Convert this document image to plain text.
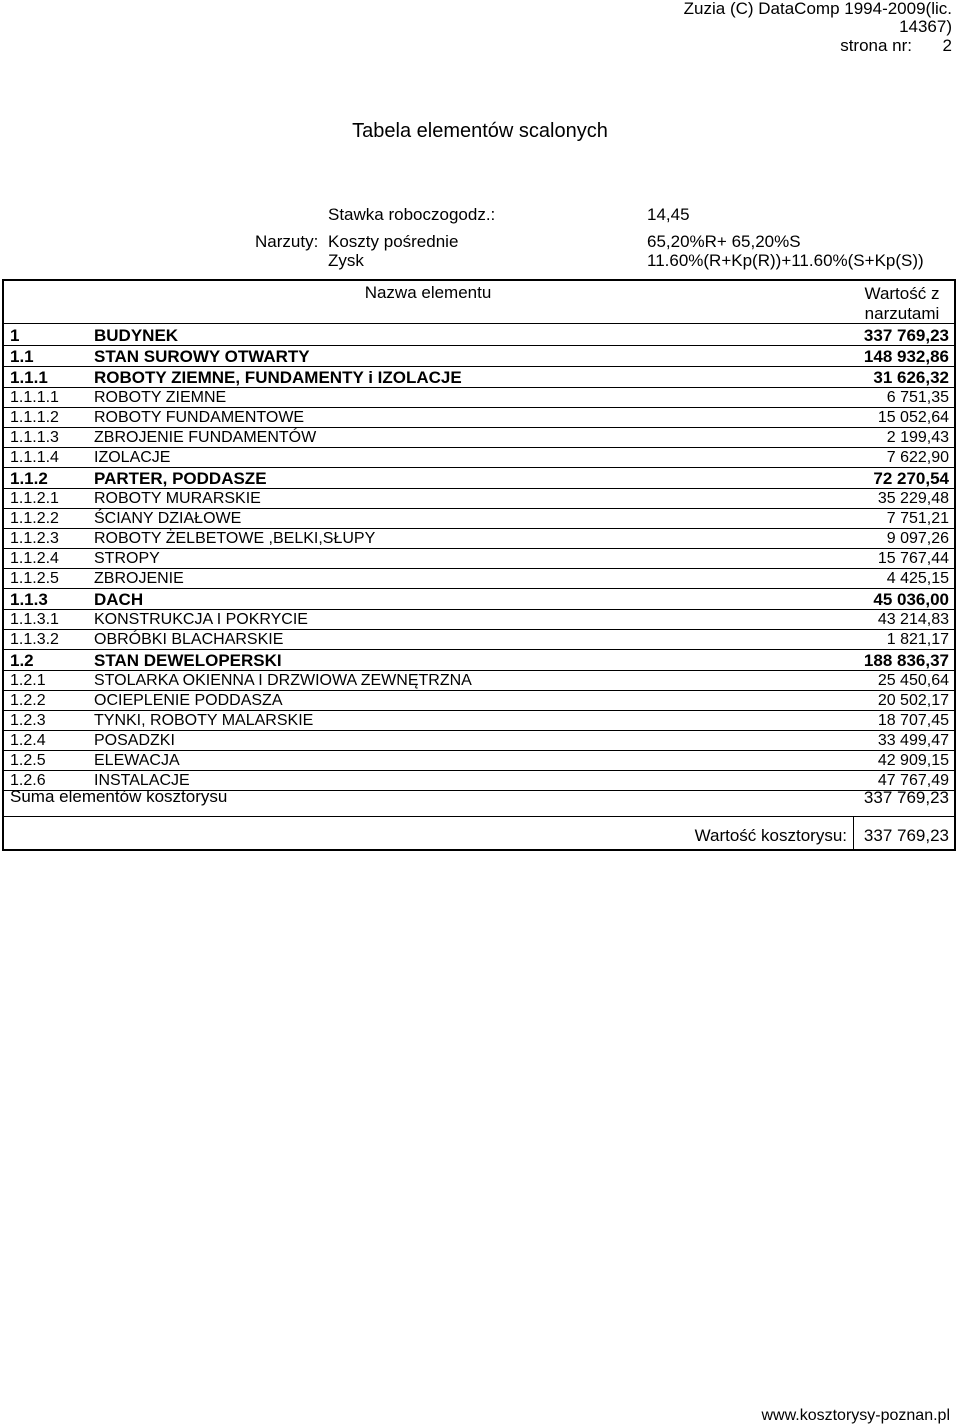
Zuzia (C) DataComp 1994-2009(lic.
14367)
strona nr: 2
Tabela elementów scalonych
Stawka roboczogodz.:	14,45
Narzuty: Koszty pośrednie	65,20%R+ 65,20%S
Zysk	11.60%(R+Kp(R))+11.60%(S+Kp(S))
Nazwa elementu	Wartość z
narzutami
1	BUDYNEK	337 769,23
1.1	STAN SUROWY OTWARTY	148 932,86
1.1.1	ROBOTY ZIEMNE, FUNDAMENTY i IZOLACJE	31 626,32
1.1.1.1 ROBOTY ZIEMNE	6 751,35
1.1.1.2 ROBOTY FUNDAMENTOWE	15 052,64
1.1.1.3 ZBROJENIE FUNDAMENTÓW	2 199,43
1.1.1.4 IZOLACJE	7 622,90
1.1.2	PARTER, PODDASZE	72 270,54
1.1.2.1 ROBOTY MURARSKIE	35 229,48
1.1.2.2 ŚCIANY DZIAŁOWE	7 751,21
1.1.2.3 ROBOTY ŻELBETOWE ,BELKI,SŁUPY	9 097,26
1.1.2.4 STROPY	15 767,44
1.1.2.5 ZBROJENIE	4 425,15
1.1.3	DACH	45 036,00
1.1.3.1 KONSTRUKCJA I POKRYCIE	43 214,83
1.1.3.2 OBRÓBKI BLACHARSKIE	1 821,17
1.2	STAN DEWELOPERSKI	188 836,37
1.2.1	STOLARKA OKIENNA I DRZWIOWA ZEWNĘTRZNA	25 450,64
1.2.2	OCIEPLENIE PODDASZA	20 502,17
1.2.3	TYNKI, ROBOTY MALARSKIE	18 707,45
1.2.4	POSADZKI	33 499,47
1.2.5	ELEWACJA	42 909,15
1.2.6	INSTALACJE	47 767,49
Suma elementów kosztorysu	337 769,23
Wartość kosztorysu: 337 769,23
www.kosztorysy-poznan.pl
